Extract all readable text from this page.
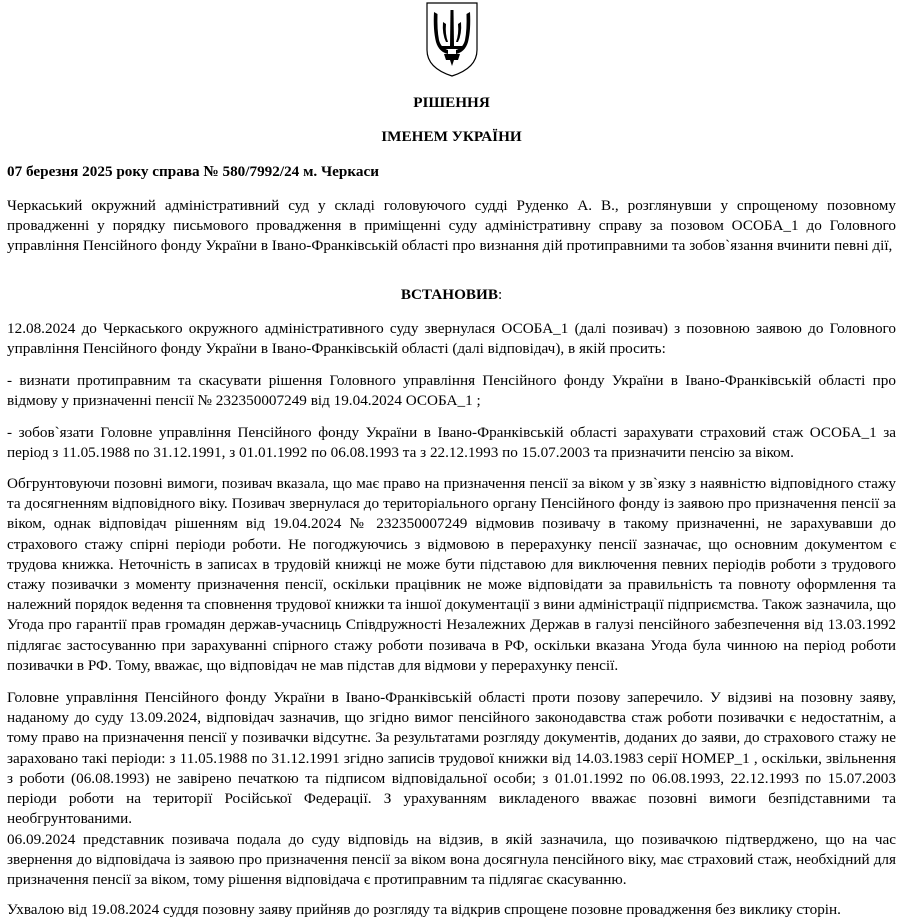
РІШЕННЯ
ІМЕНЕМ УКРАЇНИ
07 березня 2025 року справа № 580/7992/24 м. Черкаси

Черкаський окружний адміністративний суд у складі головуючого судді Руденко А. В., розглянувши у спрощеному позовному провадженні у порядку письмового провадження в приміщенні суду адміністративну справу за позовом ОСОБА_1 до Головного управління Пенсійного фонду України в Івано-Франківській області про визнання дій протиправними та зобов`язання вчинити певні дії,

ВСТАНОВИВ:

12.08.2024 до Черкаського окружного адміністративного суду звернулася ОСОБА_1 (далі позивач) з позовною заявою до Головного управління Пенсійного фонду України в Івано-Франківській області (далі відповідач), в якій просить:

- визнати протиправним та скасувати рішення Головного управління Пенсійного фонду України в Івано-Франківській області про відмову у призначенні пенсії № 232350007249 від 19.04.2024 ОСОБА_1 ;

- зобов`язати Головне управління Пенсійного фонду України в Івано-Франківській області зарахувати страховий стаж ОСОБА_1 за період з 11.05.1988 по 31.12.1991, з 01.01.1992 по 06.08.1993 та з 22.12.1993 по 15.07.2003 та призначити пенсію за віком.

Обгрунтовуючи позовні вимоги, позивач вказала, що має право на призначення пенсії за віком у зв`язку з наявністю відповідного стажу та досягненням відповідного віку. Позивач звернулася до територіального органу Пенсійного фонду із заявою про призначення пенсії за віком, однак відповідач рішенням від 19.04.2024 № 232350007249 відмовив позивачу в такому призначенні, не зарахувавши до страхового стажу спірні періоди роботи. Не погоджуючись з відмовою в перерахунку пенсії зазначає, що основним документом є трудова книжка. Неточність в записах в трудовій книжці не може бути підставою для виключення певних періодів роботи з трудового стажу позивачки з моменту призначення пенсії, оскільки працівник не може відповідати за правильність та повноту оформлення та належний порядок ведення та сповнення трудової книжки та іншої документації з вини адміністрації підприємства. Також зазначила, що Угода про гарантії прав громадян держав-учасниць Співдружності Незалежних Держав в галузі пенсійного забезпечення від 13.03.1992 підлягає застосуванню при зарахуванні спірного стажу роботи позивача в РФ, оскільки вказана Угода була чинною на період роботи позивачки в РФ. Тому, вважає, що відповідач не мав підстав для відмови у перерахунку пенсії.

Головне управління Пенсійного фонду України в Івано-Франківській області проти позову заперечило. У відзиві на позовну заяву, наданому до суду 13.09.2024, відповідач зазначив, що згідно вимог пенсійного законодавства стаж роботи позивачки є недостатнім, а тому право на призначення пенсії у позивачки відсутнє. За результатами розгляду документів, доданих до заяви, до страхового стажу не зараховано такі періоди: з 11.05.1988 по 31.12.1991 згідно записів трудової книжки від 14.03.1983 серії НОМЕР_1 , оскільки, звільнення з роботи (06.08.1993) не завірено печаткою та підписом відповідальної особи; з 01.01.1992 по 06.08.1993, 22.12.1993 по 15.07.2003 періоди роботи на території Російської Федерації. З урахуванням викладеного вважає позовні вимоги безпідставними та необгрунтованими.

06.09.2024 представник позивача подала до суду відповідь на відзив, в якій зазначила, що позивачкою підтверджено, що на час звернення до відповідача із заявою про призначення пенсії за віком вона досягнула пенсійного віку, має страховий стаж, необхідний для призначення пенсії за віком, тому рішення відповідача є протиправним та підлягає скасуванню.

Ухвалою від 19.08.2024 суддя позовну заяву прийняв до розгляду та відкрив спрощене позовне провадження без виклику сторін.
